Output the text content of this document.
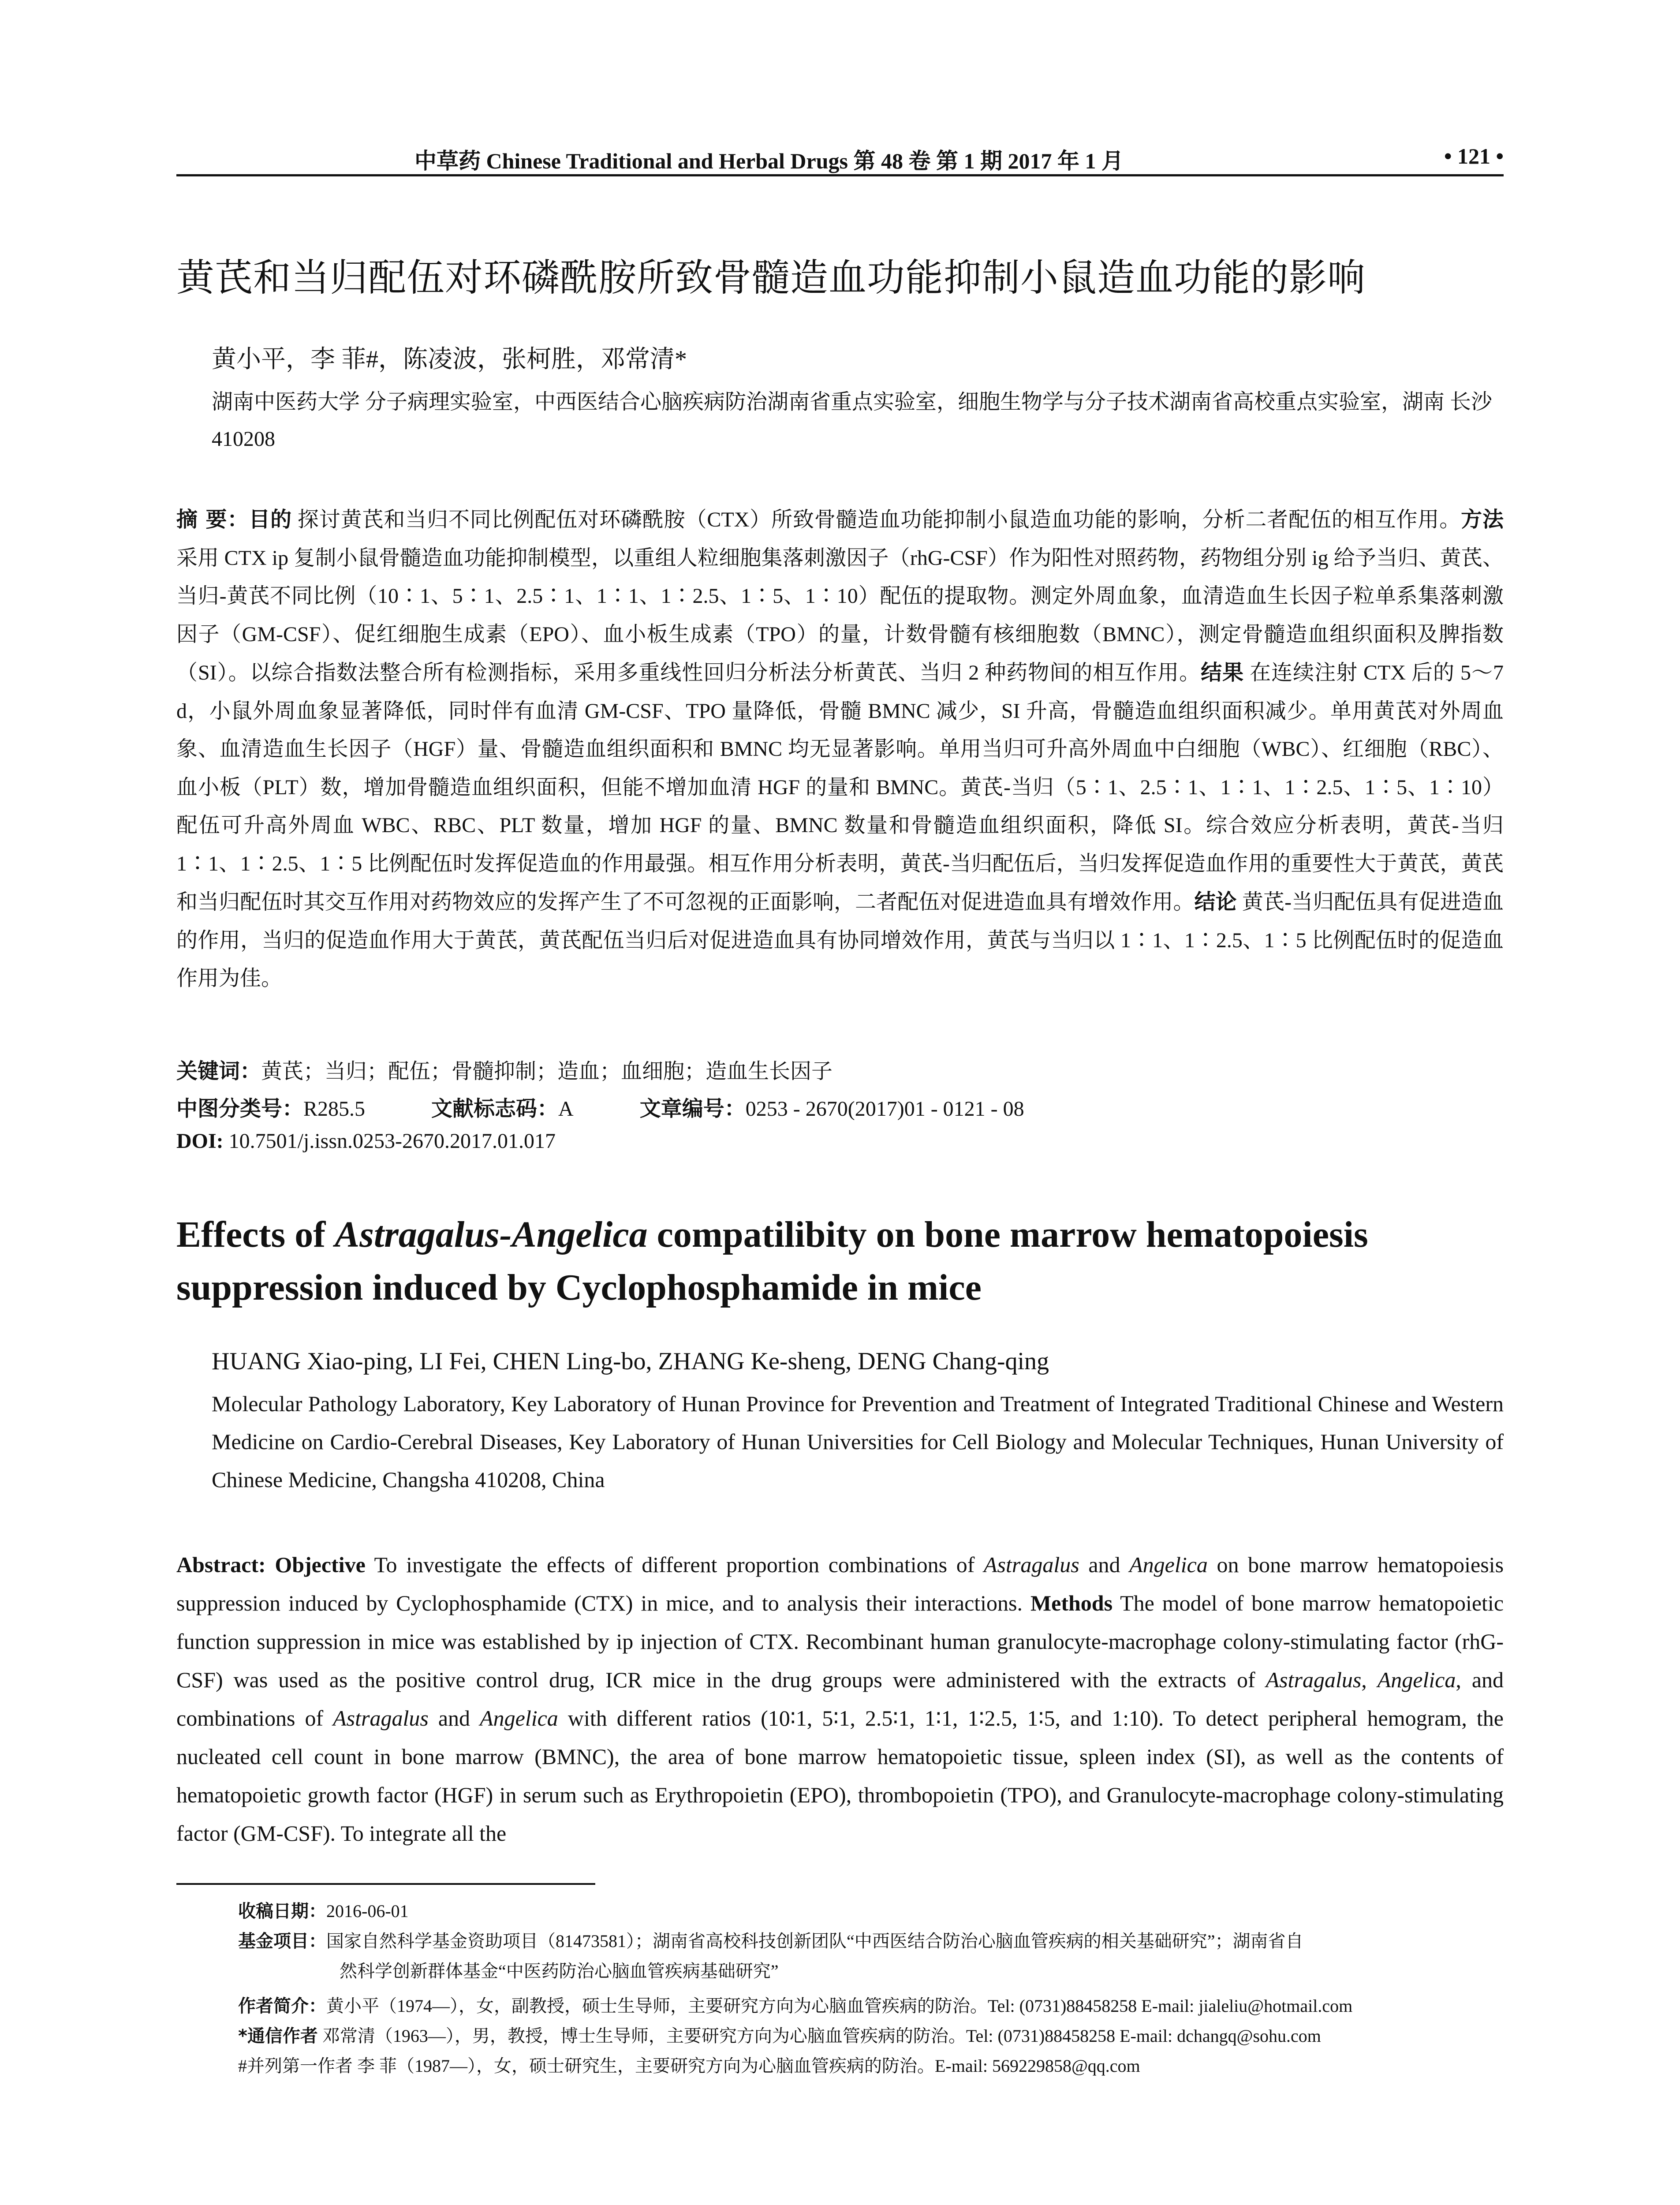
中草药 Chinese Traditional and Herbal Drugs 第 48 卷 第 1 期 2017 年 1 月	• 121 •
黄芪和当归配伍对环磷酰胺所致骨髓造血功能抑制小鼠造血功能的影响
黄小平，李 菲#，陈凌波，张柯胜，邓常清*
湖南中医药大学 分子病理实验室，中西医结合心脑疾病防治湖南省重点实验室，细胞生物学与分子技术湖南省高校重点实验室，湖南 长沙 410208
摘 要：目的 探讨黄芪和当归不同比例配伍对环磷酰胺（CTX）所致骨髓造血功能抑制小鼠造血功能的影响，分析二者配伍的相互作用。方法 采用 CTX ip 复制小鼠骨髓造血功能抑制模型，以重组人粒细胞集落刺激因子（rhG-CSF）作为阳性对照药物，药物组分别 ig 给予当归、黄芪、当归-黄芪不同比例（10∶1、5∶1、2.5∶1、1∶1、1∶2.5、1∶5、1∶10）配伍的提取物。测定外周血象，血清造血生长因子粒单系集落刺激因子（GM-CSF）、促红细胞生成素（EPO）、血小板生成素（TPO）的量，计数骨髓有核细胞数（BMNC），测定骨髓造血组织面积及脾指数（SI）。以综合指数法整合所有检测指标，采用多重线性回归分析法分析黄芪、当归 2 种药物间的相互作用。结果 在连续注射 CTX 后的 5～7 d，小鼠外周血象显著降低，同时伴有血清 GM-CSF、TPO 量降低，骨髓 BMNC 减少，SI 升高，骨髓造血组织面积减少。单用黄芪对外周血象、血清造血生长因子（HGF）量、骨髓造血组织面积和 BMNC 均无显著影响。单用当归可升高外周血中白细胞（WBC）、红细胞（RBC）、血小板（PLT）数，增加骨髓造血组织面积，但能不增加血清 HGF 的量和 BMNC。黄芪-当归（5∶1、2.5∶1、1∶1、1∶2.5、1∶5、1∶10）配伍可升高外周血 WBC、RBC、PLT 数量，增加 HGF 的量、BMNC 数量和骨髓造血组织面积，降低 SI。综合效应分析表明，黄芪-当归 1∶1、1∶2.5、1∶5 比例配伍时发挥促造血的作用最强。相互作用分析表明，黄芪-当归配伍后，当归发挥促造血作用的重要性大于黄芪，黄芪和当归配伍时其交互作用对药物效应的发挥产生了不可忽视的正面影响，二者配伍对促进造血具有增效作用。结论 黄芪-当归配伍具有促进造血的作用，当归的促造血作用大于黄芪，黄芪配伍当归后对促进造血具有协同增效作用，黄芪与当归以 1∶1、1∶2.5、1∶5 比例配伍时的促造血作用为佳。
关键词：黄芪；当归；配伍；骨髓抑制；造血；血细胞；造血生长因子
中图分类号：R285.5	文献标志码：A	文章编号：0253 - 2670(2017)01 - 0121 - 08
DOI: 10.7501/j.issn.0253-2670.2017.01.017
Effects of Astragalus-Angelica compatilibity on bone marrow hematopoiesis suppression induced by Cyclophosphamide in mice
HUANG Xiao-ping, LI Fei, CHEN Ling-bo, ZHANG Ke-sheng, DENG Chang-qing
Molecular Pathology Laboratory, Key Laboratory of Hunan Province for Prevention and Treatment of Integrated Traditional Chinese and Western Medicine on Cardio-Cerebral Diseases, Key Laboratory of Hunan Universities for Cell Biology and Molecular Techniques, Hunan University of Chinese Medicine, Changsha 410208, China
Abstract: Objective To investigate the effects of different proportion combinations of Astragalus and Angelica on bone marrow hematopoiesis suppression induced by Cyclophosphamide (CTX) in mice, and to analysis their interactions. Methods The model of bone marrow hematopoietic function suppression in mice was established by ip injection of CTX. Recombinant human granulocyte-macrophage colony-stimulating factor (rhG-CSF) was used as the positive control drug, ICR mice in the drug groups were administered with the extracts of Astragalus, Angelica, and combinations of Astragalus and Angelica with different ratios (10∶1, 5∶1, 2.5∶1, 1∶1, 1∶2.5, 1∶5, and 1:10). To detect peripheral hemogram, the nucleated cell count in bone marrow (BMNC), the area of bone marrow hematopoietic tissue, spleen index (SI), as well as the contents of hematopoietic growth factor (HGF) in serum such as Erythropoietin (EPO), thrombopoietin (TPO), and Granulocyte-macrophage colony-stimulating factor (GM-CSF). To integrate all the
收稿日期：2016-06-01
基金项目：国家自然科学基金资助项目（81473581）；湖南省高校科技创新团队“中西医结合防治心脑血管疾病的相关基础研究”；湖南省自
然科学创新群体基金“中医药防治心脑血管疾病基础研究”
作者简介：黄小平（1974—），女，副教授，硕士生导师，主要研究方向为心脑血管疾病的防治。Tel: (0731)88458258 E-mail: jialeliu@hotmail.com
*通信作者 邓常清（1963—），男，教授，博士生导师，主要研究方向为心脑血管疾病的防治。Tel: (0731)88458258 E-mail: dchangq@sohu.com
#并列第一作者 李 菲（1987—），女，硕士研究生，主要研究方向为心脑血管疾病的防治。E-mail: 569229858@qq.com
